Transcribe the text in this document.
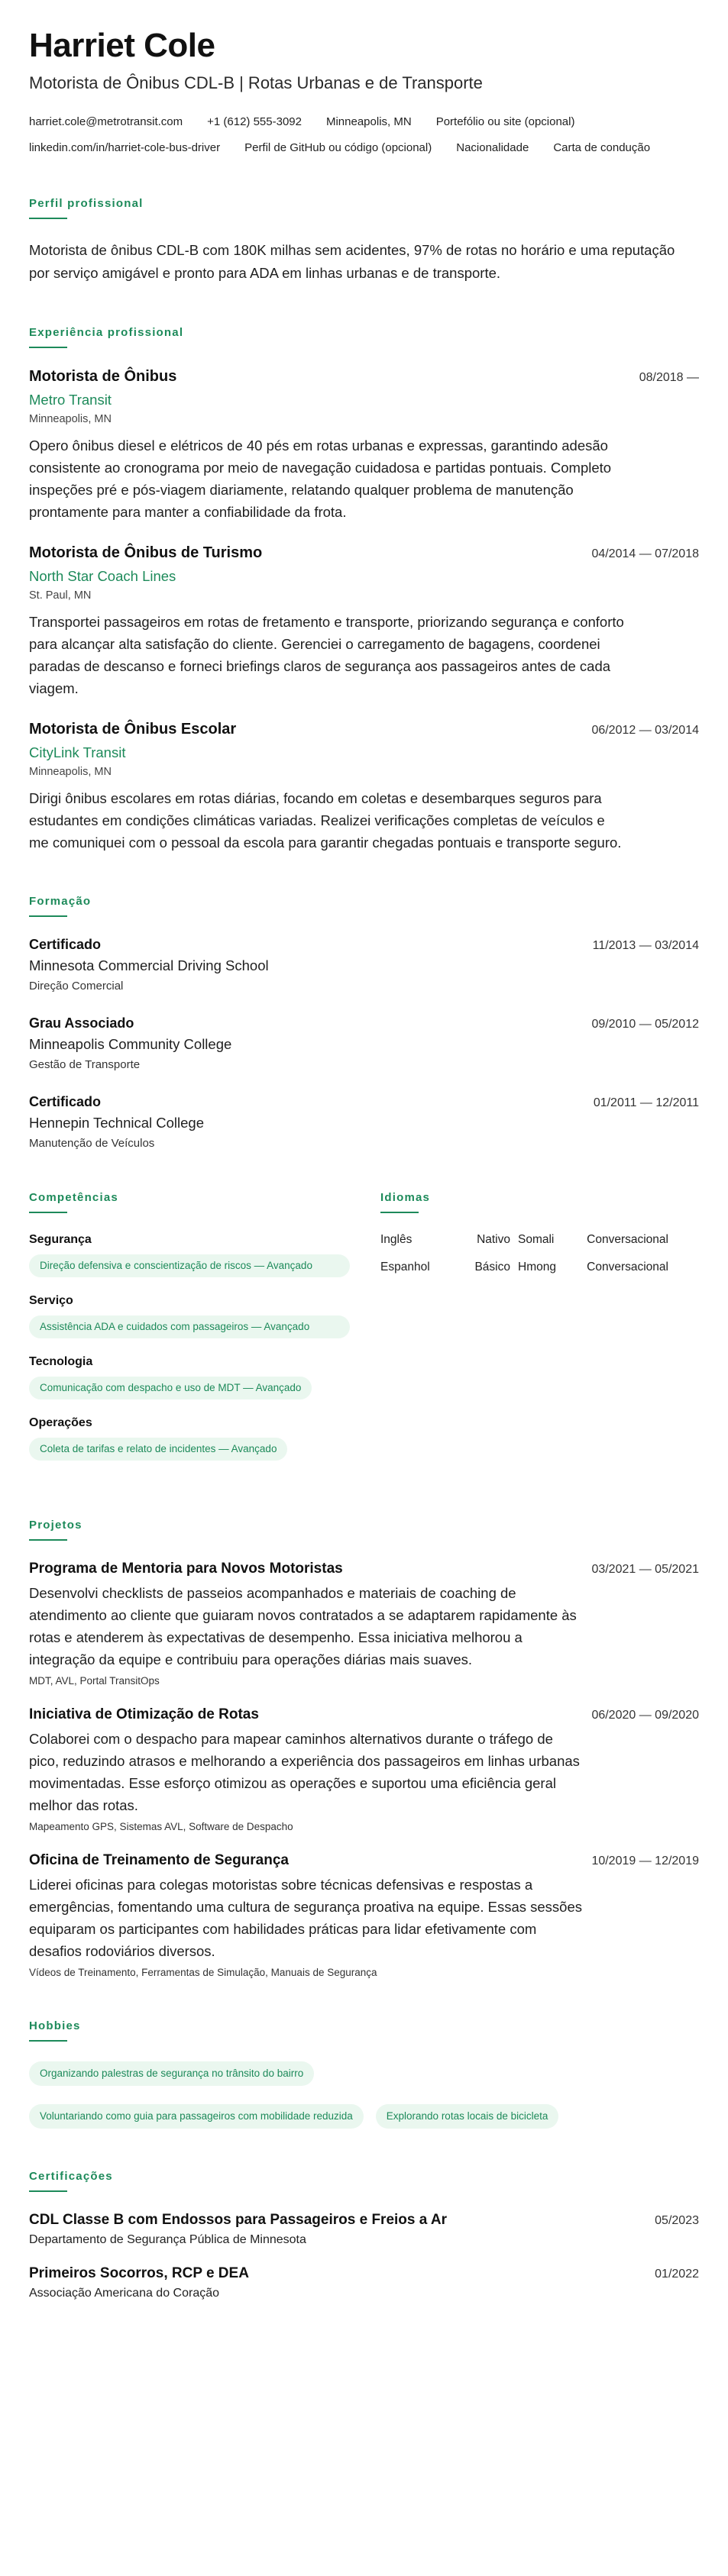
Harriet Cole
Motorista de Ônibus CDL-B | Rotas Urbanas e de Transporte
harriet.cole@metrotransit.com +1 (612) 555-3092 Minneapolis, MN Portefólio ou site (opcional)
linkedin.com/in/harriet-cole-bus-driver Perfil de GitHub ou código (opcional) Nacionalidade Carta de condução
Perfil profissional
Motorista de ônibus CDL-B com 180K milhas sem acidentes, 97% de rotas no horário e uma reputação por serviço amigável e pronto para ADA em linhas urbanas e de transporte.
Experiência profissional
Motorista de Ônibus	08/2018 —
Metro Transit
Minneapolis, MN
Opero ônibus diesel e elétricos de 40 pés em rotas urbanas e expressas, garantindo adesão consistente ao cronograma por meio de navegação cuidadosa e partidas pontuais. Completo inspeções pré e pós-viagem diariamente, relatando qualquer problema de manutenção prontamente para manter a confiabilidade da frota.
Motorista de Ônibus de Turismo	04/2014 — 07/2018
North Star Coach Lines
St. Paul, MN
Transportei passageiros em rotas de fretamento e transporte, priorizando segurança e conforto para alcançar alta satisfação do cliente. Gerenciei o carregamento de bagagens, coordenei paradas de descanso e forneci briefings claros de segurança aos passageiros antes de cada viagem.
Motorista de Ônibus Escolar	06/2012 — 03/2014
CityLink Transit
Minneapolis, MN
Dirigi ônibus escolares em rotas diárias, focando em coletas e desembarques seguros para estudantes em condições climáticas variadas. Realizei verificações completas de veículos e me comuniquei com o pessoal da escola para garantir chegadas pontuais e transporte seguro.
Formação
Certificado	11/2013 — 03/2014
Minnesota Commercial Driving School
Direção Comercial
Grau Associado	09/2010 — 05/2012
Minneapolis Community College
Gestão de Transporte
Certificado	01/2011 — 12/2011
Hennepin Technical College
Manutenção de Veículos
Competências
Segurança
Direção defensiva e conscientização de riscos — Avançado
Serviço
Assistência ADA e cuidados com passageiros — Avançado
Tecnologia
Comunicação com despacho e uso de MDT — Avançado
Operações
Coleta de tarifas e relato de incidentes — Avançado
Idiomas
Inglês	Nativo Somali	Conversacional
Espanhol	Básico Hmong	Conversacional
Projetos
Programa de Mentoria para Novos Motoristas	03/2021 — 05/2021
Desenvolvi checklists de passeios acompanhados e materiais de coaching de atendimento ao cliente que guiaram novos contratados a se adaptarem rapidamente às rotas e atenderem às expectativas de desempenho. Essa iniciativa melhorou a integração da equipe e contribuiu para operações diárias mais suaves.
MDT, AVL, Portal TransitOps
Iniciativa de Otimização de Rotas	06/2020 — 09/2020
Colaborei com o despacho para mapear caminhos alternativos durante o tráfego de pico, reduzindo atrasos e melhorando a experiência dos passageiros em linhas urbanas movimentadas. Esse esforço otimizou as operações e suportou uma eficiência geral melhor das rotas.
Mapeamento GPS, Sistemas AVL, Software de Despacho
Oficina de Treinamento de Segurança	10/2019 — 12/2019
Liderei oficinas para colegas motoristas sobre técnicas defensivas e respostas a emergências, fomentando uma cultura de segurança proativa na equipe. Essas sessões equiparam os participantes com habilidades práticas para lidar efetivamente com desafios rodoviários diversos.
Vídeos de Treinamento, Ferramentas de Simulação, Manuais de Segurança
Hobbies
Organizando palestras de segurança no trânsito do bairro
Voluntariando como guia para passageiros com mobilidade reduzida	Explorando rotas locais de bicicleta
Certificações
CDL Classe B com Endossos para Passageiros e Freios a Ar	05/2023
Departamento de Segurança Pública de Minnesota
Primeiros Socorros, RCP e DEA	01/2022
Associação Americana do Coração
